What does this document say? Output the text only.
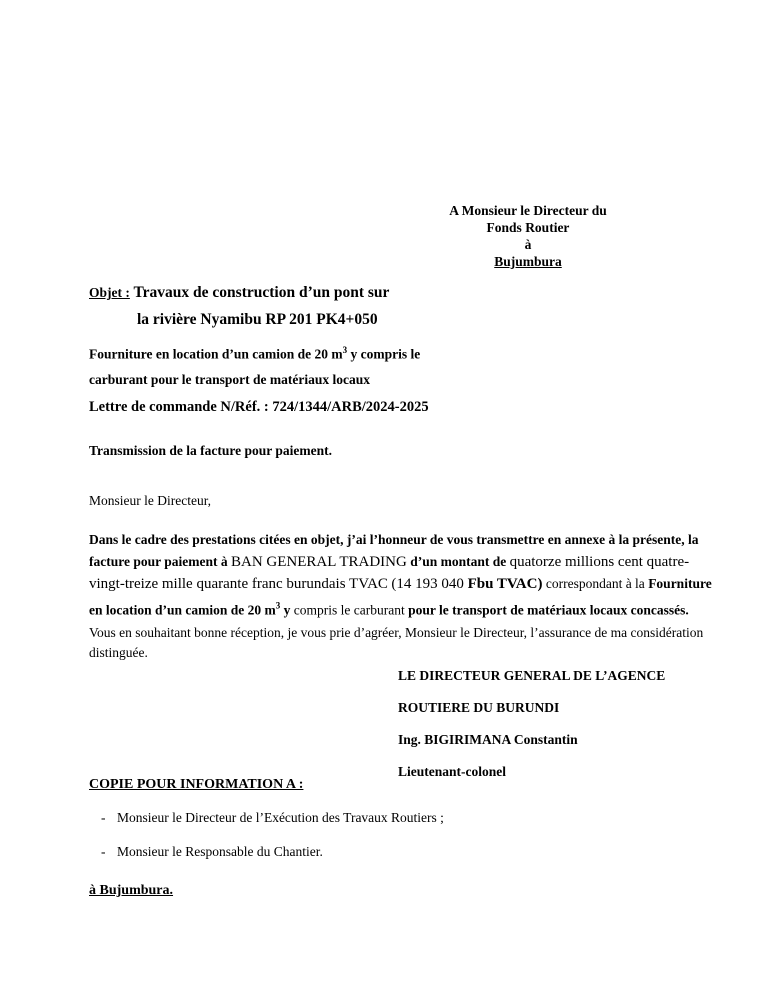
A Monsieur le Directeur du
Fonds Routier
à
Bujumbura
Objet : Travaux de construction d’un pont sur
la rivière Nyamibu RP 201 PK4+050
Fourniture en location d’un camion de 20 $m^3$ y compris le
carburant pour le transport de matériaux locaux
Lettre de commande N/Réf. : 724/1344/ARB/2024-2025
Transmission de la facture pour paiement.
Monsieur le Directeur,
Dans le cadre des prestations citées en objet, j’ai l’honneur de vous transmettre en annexe à la présente, la facture pour paiement à BAN GENERAL TRADING d’un montant de quatorze millions cent quatre-vingt-treize mille quarante franc burundais TVAC (14 193 040 Fbu TVAC) correspondant à la Fourniture en location d’un camion de 20 $m^3$ y compris le carburant pour le transport de matériaux locaux concassés.
Vous en souhaitant bonne réception, je vous prie d’agréer, Monsieur le Directeur, l’assurance de ma considération distinguée.
LE DIRECTEUR GENERAL DE L’AGENCE
ROUTIERE DU BURUNDI
Ing. BIGIRIMANA Constantin
Lieutenant-colonel
COPIE POUR INFORMATION A :
- Monsieur le Directeur de l’Exécution des Travaux Routiers ;
- Monsieur le Responsable du Chantier.
à Bujumbura.
